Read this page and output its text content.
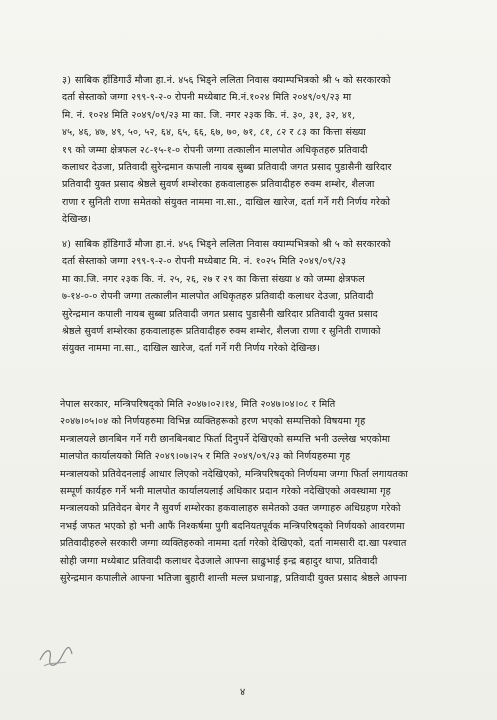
३) साबिक हाँडिगाउँ मौजा हा.नं. ४५६ भिड्ने ललिता निवास क्याम्पभित्रको श्री ५ को सरकारको
दर्ता सेस्ताको जग्गा २९९-९-२-० रोपनी मध्येबाट मि.नं.१०२४ मिति २०४९/०९/२३ मा
मि. नं. १०२४ मिति २०४९/०९/२३ मा का. जि. नगर २३क कि. नं. ३०, ३१, ३२, ४१,
४५, ४६, ४७, ४९, ५०, ५२, ६४, ६५, ६६, ६७, ७०, ७१, ८१, ८२ र ८३ का कित्ता संख्या
१९ को जम्मा क्षेत्रफल २८-१५-१-० रोपनी जग्गा तत्कालीन मालपोत अधिकृतहरु प्रतिवादी
कलाधर देउजा, प्रतिवादी सुरेन्द्रमान कपाली नायब सुब्बा प्रतिवादी जगत प्रसाद पुडासैनी खरिदार
प्रतिवादी युक्त प्रसाद श्रेष्ठले सुवर्ण शम्शेरका हकवालाहरू प्रतिवादीहरु रुक्म शम्शेर, शैलजा
राणा र सुनिती राणा समेतको संयुक्त नाममा ना.सा., दाखिल खारेज, दर्ता गर्ने गरी निर्णय गरेको
देखिन्छ।
४) साबिक हाँडिगाउँ मौजा हा.नं. ४५६ भिड्ने ललिता निवास क्याम्पभित्रको श्री ५ को सरकारको
दर्ता सेस्ताको जग्गा २९९-९-२-० रोपनी मध्येबाट मि. नं. १०२५ मिति २०४९/०९/२३
मा का.जि. नगर २३क कि. नं. २५, २६, २७ र २९ का कित्ता संख्या ४ को जम्मा क्षेत्रफल
७-१४-०-० रोपनी जग्गा तत्कालीन मालपोत अधिकृतहरु प्रतिवादी कलाधर देउजा, प्रतिवादी
सुरेन्द्रमान कपाली नायब सुब्बा प्रतिवादी जगत प्रसाद पुडासैनी खरिदार प्रतिवादी युक्त प्रसाद
श्रेष्ठले सुवर्ण शम्शेरका हकवालाहरू प्रतिवादीहरु रुक्म शम्शेर, शैलजा राणा र सुनिती राणाको
संयुक्त नाममा ना.सा., दाखिल खारेज, दर्ता गर्ने गरी निर्णय गरेको देखिन्छ।
नेपाल सरकार, मन्त्रिपरिषद्को मिति २०४७।०२।१४, मिति २०४७।०४।०८ र मिति
२०४७।०५।०४ को निर्णयहरुमा विभिन्न व्यक्तिहरूको हरण भएको सम्पत्तिको विषयमा गृह
मन्त्रालयले छानबिन गर्ने गरी छानबिनबाट फिर्ता दिनुपर्ने देखिएको सम्पत्ति भनी उल्लेख भएकोमा
मालपोत कार्यालयको मिति २०४९।०७।२५ र मिति २०४९/०९/२३ को निर्णयहरुमा गृह
मन्त्रालयको प्रतिवेदनलाई आधार लिएको नदेखिएको, मन्त्रिपरिषद्को निर्णयमा जग्गा फिर्ता लगायतका
सम्पूर्ण कार्यहरु गर्ने भनी मालपोत कार्यालयलाई अधिकार प्रदान गरेको नदेखिएको अवस्थामा गृह
मन्त्रालयको प्रतिवेदन बेगर नै सुवर्ण शम्शेरका हकवालाहरु समेतको उक्त जग्गाहरु अधिग्रहण गरेको
नभई जफत भएको हो भनी आफैं निश्कर्षमा पुगी बदनियतपूर्वक मन्त्रिपरिषद्को निर्णयको आवरणमा
प्रतिवादीहरुले सरकारी जग्गा व्यक्तिहरुको नाममा दर्ता गरेको देखिएको, दर्ता नामसारी दा.खा पश्चात
सोही जग्गा मध्येबाट प्रतिवादी कलाधर देउजाले आफ्ना साढुभाई इन्द्र बहादुर थापा, प्रतिवादी
सुरेन्द्रमान कपालीले आफ्ना भतिजा बुहारी शान्ती मल्ल प्रधानाङ्ग, प्रतिवादी युक्त प्रसाद श्रेष्ठले आफ्ना
४
